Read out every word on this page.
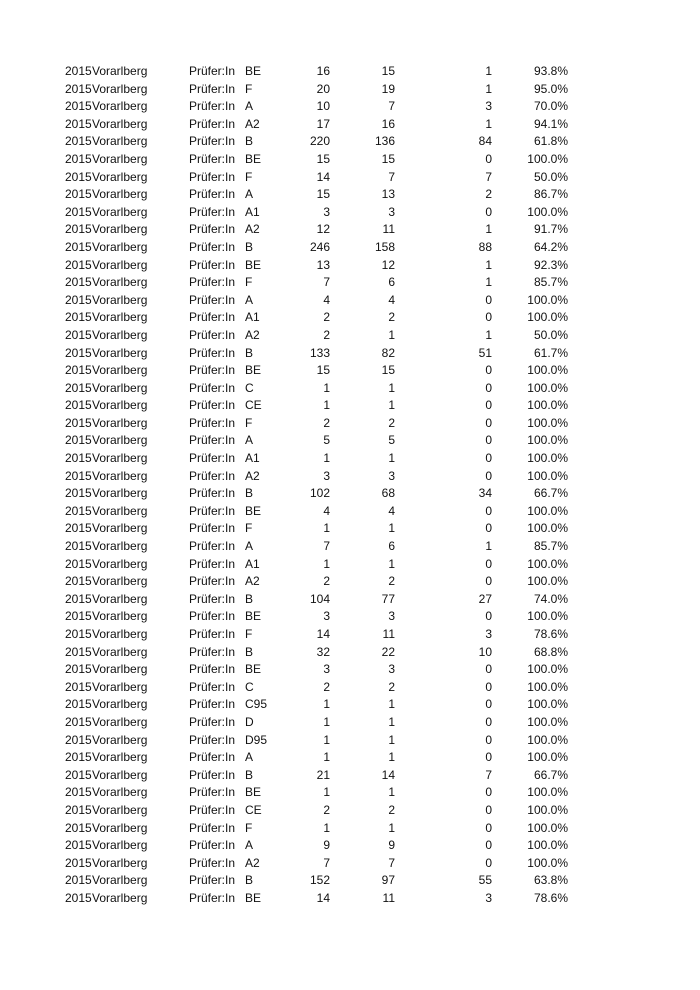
2015 Vorarlberg	Prüfer:In BE	16	15	1	93.8%
2015 Vorarlberg	Prüfer:In F	20	19	1	95.0%
2015 Vorarlberg	Prüfer:In A	10	7	3	70.0%
2015 Vorarlberg	Prüfer:In A2	17	16	1	94.1%
2015 Vorarlberg	Prüfer:In B	220	136	84	61.8%
2015 Vorarlberg	Prüfer:In BE	15	15	0	100.0%
2015 Vorarlberg	Prüfer:In F	14	7	7	50.0%
2015 Vorarlberg	Prüfer:In A	15	13	2	86.7%
2015 Vorarlberg	Prüfer:In A1	3	3	0	100.0%
2015 Vorarlberg	Prüfer:In A2	12	11	1	91.7%
2015 Vorarlberg	Prüfer:In B	246	158	88	64.2%
2015 Vorarlberg	Prüfer:In BE	13	12	1	92.3%
2015 Vorarlberg	Prüfer:In F	7	6	1	85.7%
2015 Vorarlberg	Prüfer:In A	4	4	0	100.0%
2015 Vorarlberg	Prüfer:In A1	2	2	0	100.0%
2015 Vorarlberg	Prüfer:In A2	2	1	1	50.0%
2015 Vorarlberg	Prüfer:In B	133	82	51	61.7%
2015 Vorarlberg	Prüfer:In BE	15	15	0	100.0%
2015 Vorarlberg	Prüfer:In C	1	1	0	100.0%
2015 Vorarlberg	Prüfer:In CE	1	1	0	100.0%
2015 Vorarlberg	Prüfer:In F	2	2	0	100.0%
2015 Vorarlberg	Prüfer:In A	5	5	0	100.0%
2015 Vorarlberg	Prüfer:In A1	1	1	0	100.0%
2015 Vorarlberg	Prüfer:In A2	3	3	0	100.0%
2015 Vorarlberg	Prüfer:In B	102	68	34	66.7%
2015 Vorarlberg	Prüfer:In BE	4	4	0	100.0%
2015 Vorarlberg	Prüfer:In F	1	1	0	100.0%
2015 Vorarlberg	Prüfer:In A	7	6	1	85.7%
2015 Vorarlberg	Prüfer:In A1	1	1	0	100.0%
2015 Vorarlberg	Prüfer:In A2	2	2	0	100.0%
2015 Vorarlberg	Prüfer:In B	104	77	27	74.0%
2015 Vorarlberg	Prüfer:In BE	3	3	0	100.0%
2015 Vorarlberg	Prüfer:In F	14	11	3	78.6%
2015 Vorarlberg	Prüfer:In B	32	22	10	68.8%
2015 Vorarlberg	Prüfer:In BE	3	3	0	100.0%
2015 Vorarlberg	Prüfer:In C	2	2	0	100.0%
2015 Vorarlberg	Prüfer:In C95	1	1	0	100.0%
2015 Vorarlberg	Prüfer:In D	1	1	0	100.0%
2015 Vorarlberg	Prüfer:In D95	1	1	0	100.0%
2015 Vorarlberg	Prüfer:In A	1	1	0	100.0%
2015 Vorarlberg	Prüfer:In B	21	14	7	66.7%
2015 Vorarlberg	Prüfer:In BE	1	1	0	100.0%
2015 Vorarlberg	Prüfer:In CE	2	2	0	100.0%
2015 Vorarlberg	Prüfer:In F	1	1	0	100.0%
2015 Vorarlberg	Prüfer:In A	9	9	0	100.0%
2015 Vorarlberg	Prüfer:In A2	7	7	0	100.0%
2015 Vorarlberg	Prüfer:In B	152	97	55	63.8%
2015 Vorarlberg	Prüfer:In BE	14	11	3	78.6%
